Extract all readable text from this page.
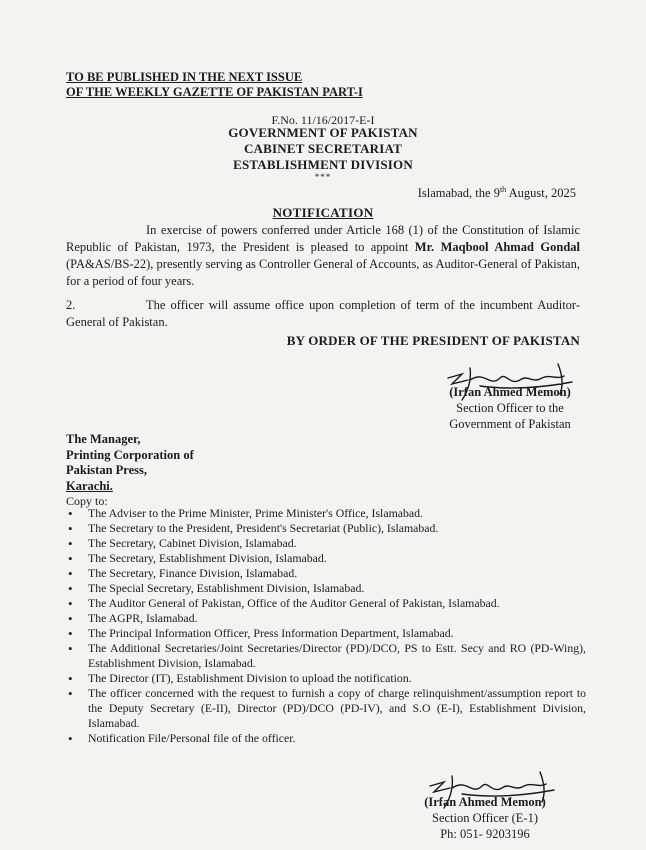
TO BE PUBLISHED IN THE NEXT ISSUE
OF THE WEEKLY GAZETTE OF PAKISTAN PART-I
F.No. 11/16/2017-E-I
GOVERNMENT OF PAKISTAN
CABINET SECRETARIAT
ESTABLISHMENT DIVISION
***
Islamabad, the 9th August, 2025
NOTIFICATION
In exercise of powers conferred under Article 168 (1) of the Constitution of Islamic Republic of Pakistan, 1973, the President is pleased to appoint Mr. Maqbool Ahmad Gondal (PA&AS/BS-22), presently serving as Controller General of Accounts, as Auditor-General of Pakistan, for a period of four years.
2.	The officer will assume office upon completion of term of the incumbent Auditor-General of Pakistan.
BY ORDER OF THE PRESIDENT OF PAKISTAN
(Irfan Ahmed Memon)
Section Officer to the
Government of Pakistan
The Manager,
Printing Corporation of
Pakistan Press,
Karachi.
Copy to:
• The Adviser to the Prime Minister, Prime Minister's Office, Islamabad.
• The Secretary to the President, President's Secretariat (Public), Islamabad.
• The Secretary, Cabinet Division, Islamabad.
• The Secretary, Establishment Division, Islamabad.
• The Secretary, Finance Division, Islamabad.
• The Special Secretary, Establishment Division, Islamabad.
• The Auditor General of Pakistan, Office of the Auditor General of Pakistan, Islamabad.
• The AGPR, Islamabad.
• The Principal Information Officer, Press Information Department, Islamabad.
• The Additional Secretaries/Joint Secretaries/Director (PD)/DCO, PS to Estt. Secy and RO (PD-Wing), Establishment Division, Islamabad.
• The Director (IT), Establishment Division to upload the notification.
• The officer concerned with the request to furnish a copy of charge relinquishment/assumption report to the Deputy Secretary (E-II), Director (PD)/DCO (PD-IV), and S.O (E-I), Establishment Division, Islamabad.
• Notification File/Personal file of the officer.
(Irfan Ahmed Memon)
Section Officer (E-1)
Ph: 051- 9203196
